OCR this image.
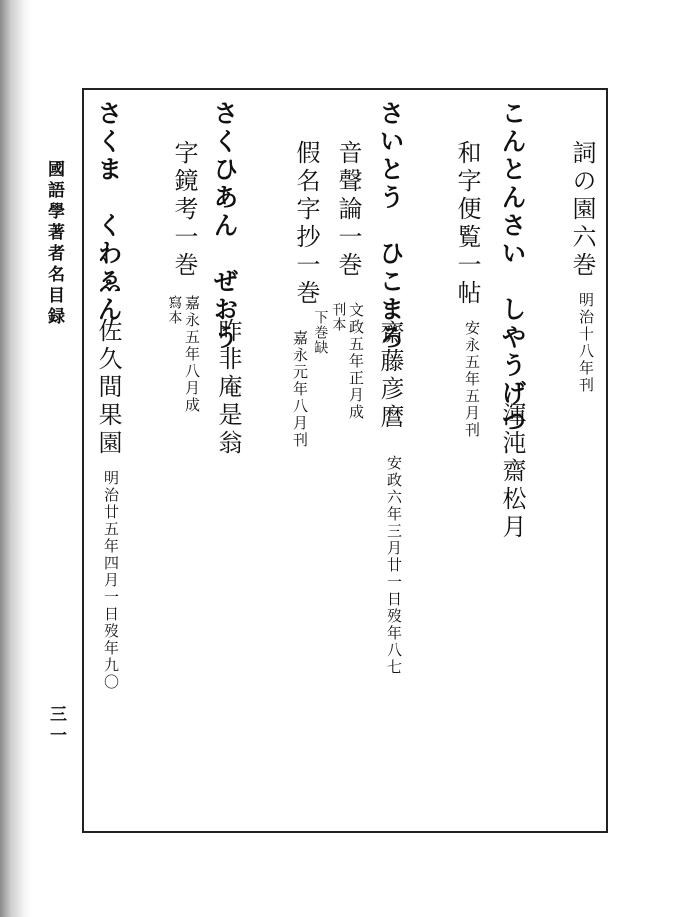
國語學著者名目録
三一
詞の園六巻
明治十八年刊
こんとんさい　しやうげつ
渾沌齋松月
和字便覧一帖
安永五年五月刊
さいとう　ひこまろ
齋藤彦麿
安政六年三月廿一日歿年八七
音聲論一巻
刊本 文政五年正月成
假名字抄一巻
下巻缺
嘉永元年八月刊
さくひあん　ぜおう
昨非庵是翁
字鏡考一巻
寫本 嘉永五年八月成
さくま　くわゑん
佐久間果園
明治廿五年四月一日歿年九〇
